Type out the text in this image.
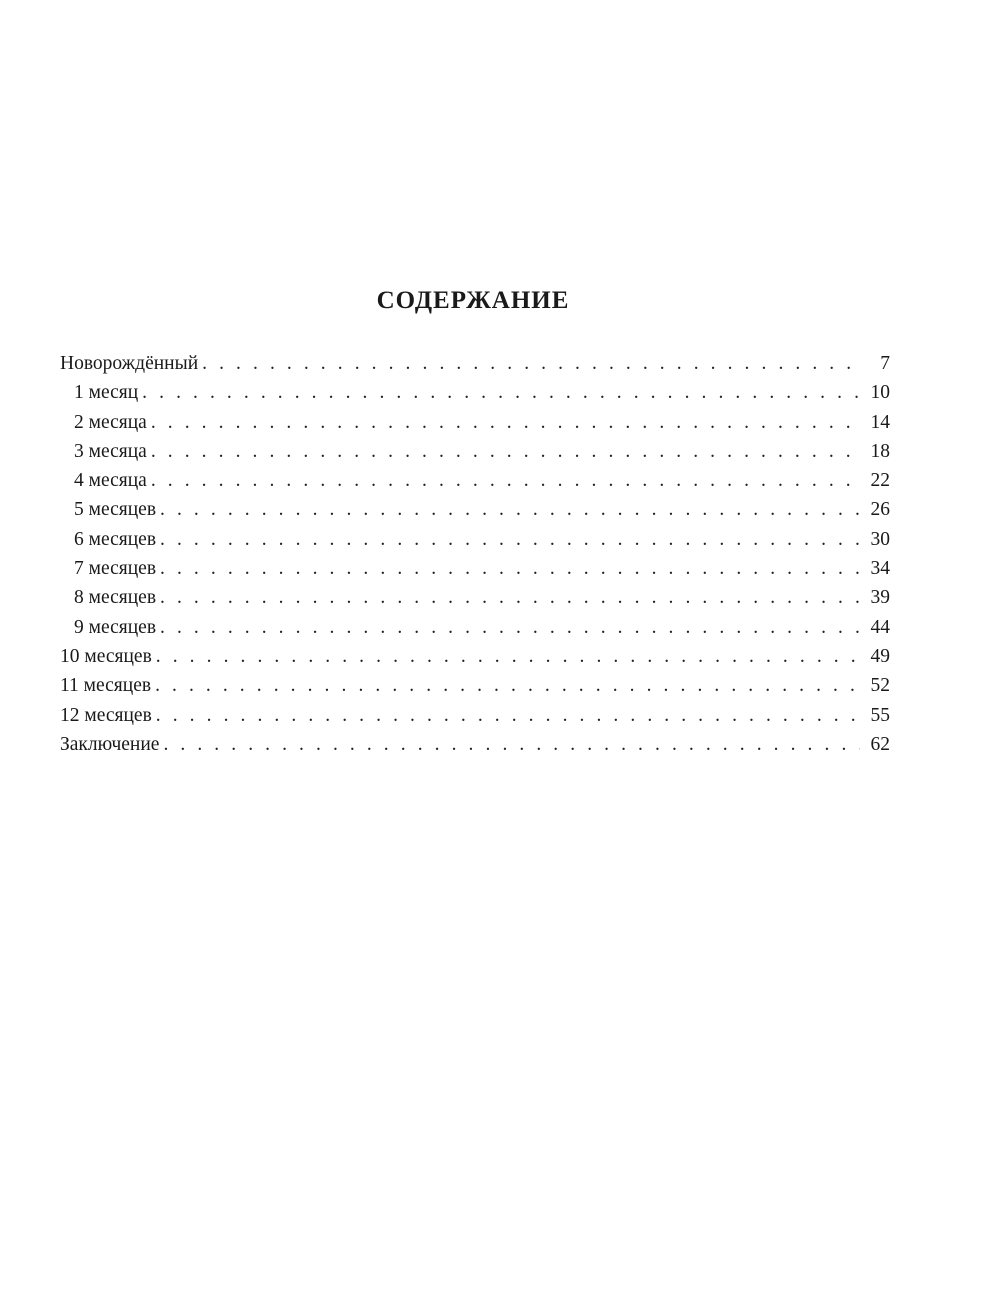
СОДЕРЖАНИЕ
Новорождённый . . .	7
1 месяц . . .	10
2 месяца . . .	14
3 месяца . . .	18
4 месяца . . .	22
5 месяцев . . .	26
6 месяцев . . .	30
7 месяцев . . .	34
8 месяцев . . .	39
9 месяцев . . .	44
10 месяцев . . .	49
11 месяцев . . .	52
12 месяцев . . .	55
Заключение . . .	62
